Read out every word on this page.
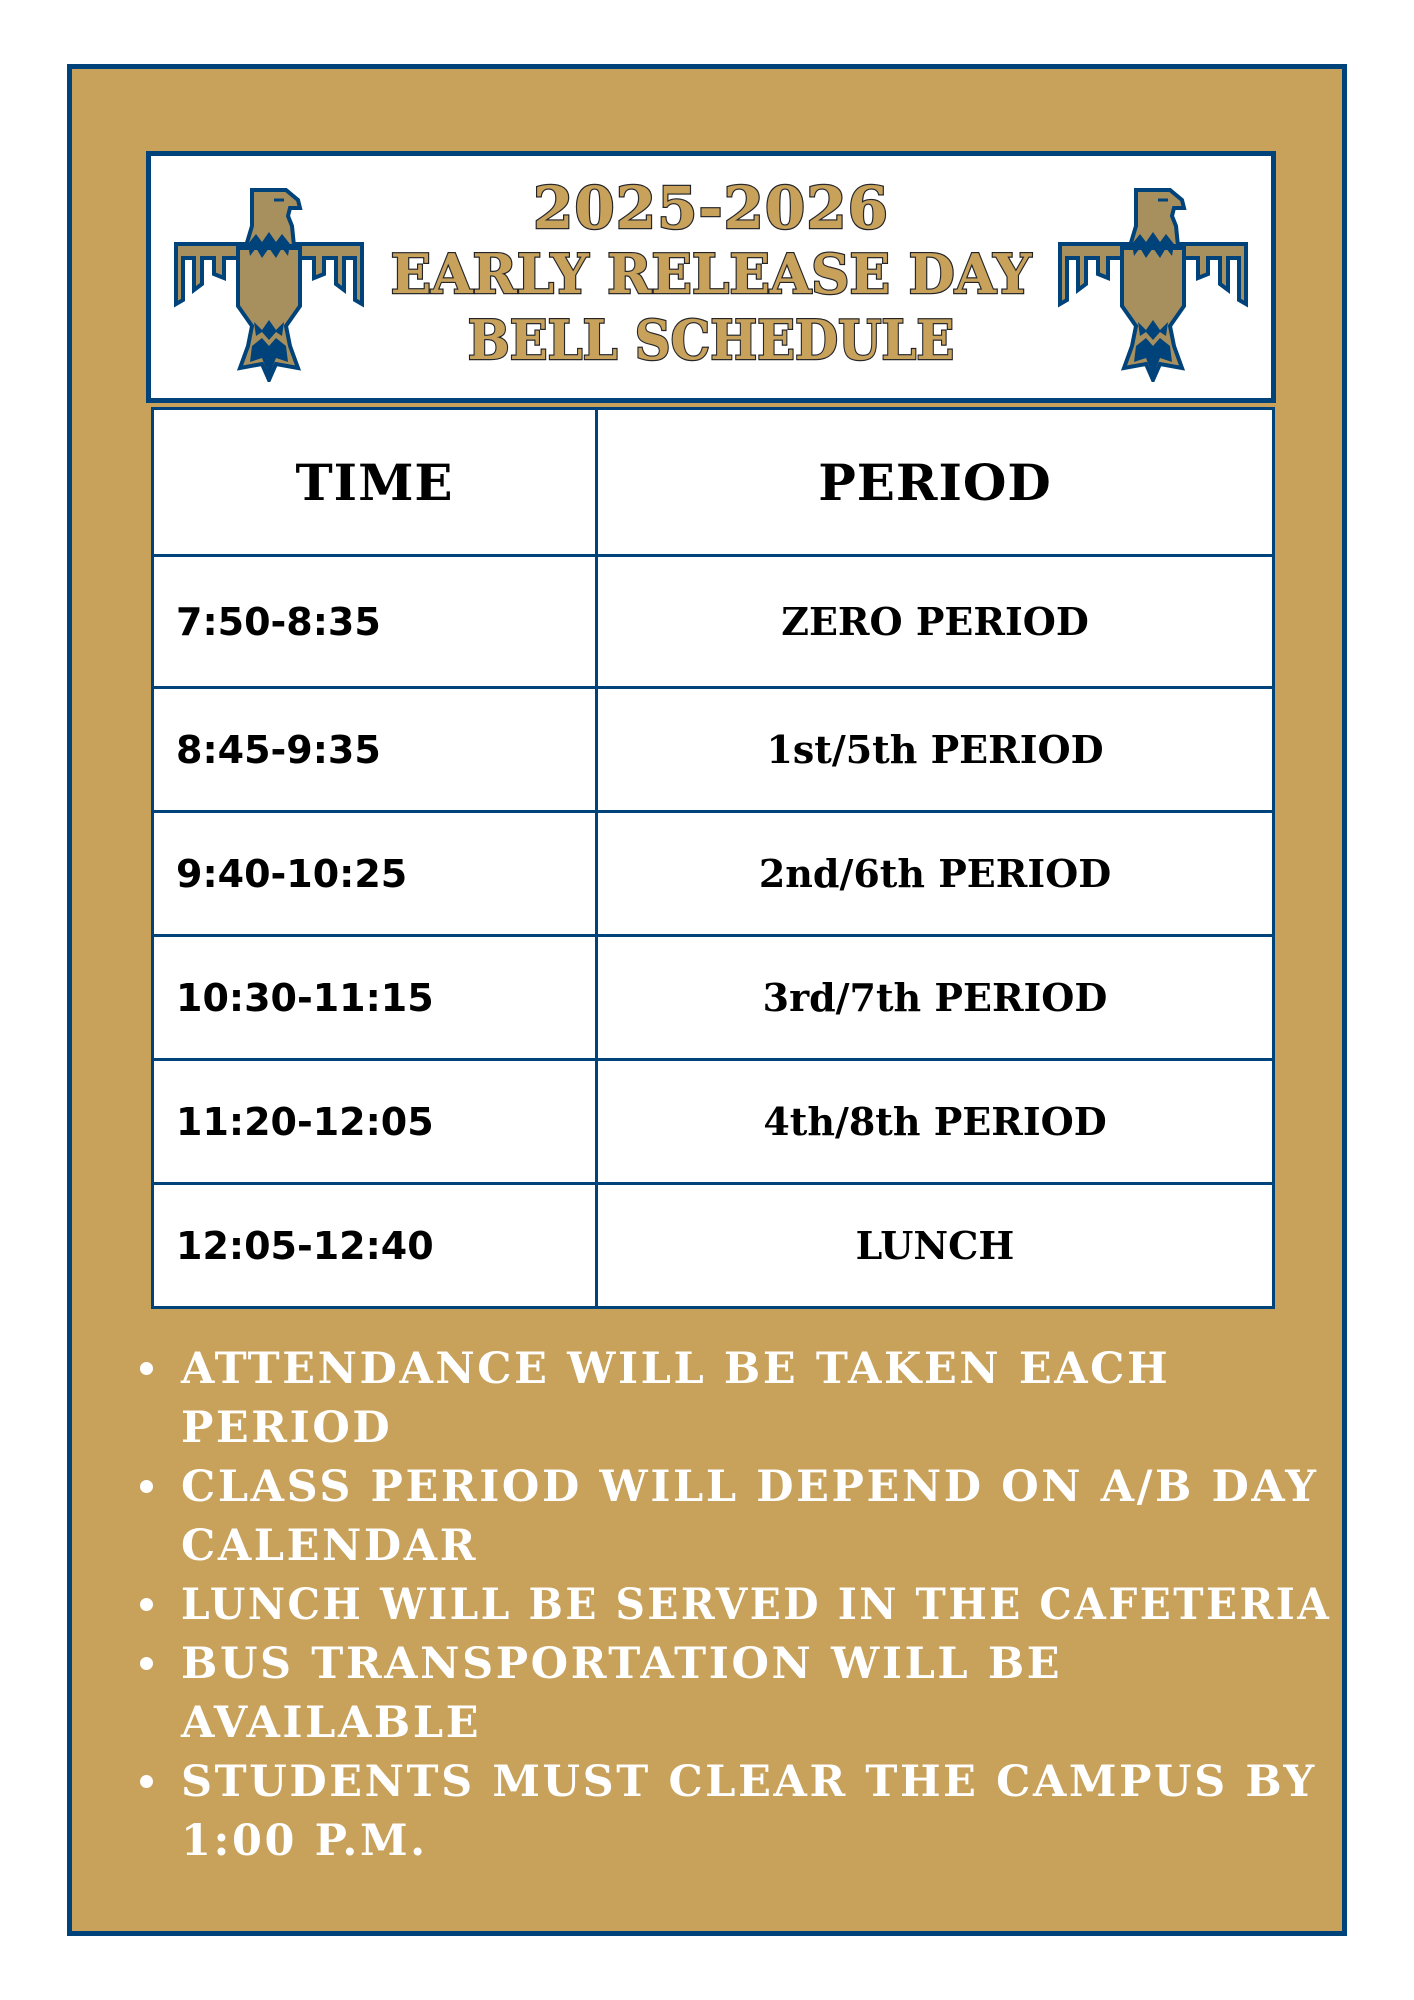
2025-2026
EARLY RELEASE DAY
BELL SCHEDULE
TIME	PERIOD
7:50-8:35	ZERO PERIOD
8:45-9:35	1st/5th PERIOD
9:40-10:25	2nd/6th PERIOD
10:30-11:15	3rd/7th PERIOD
11:20-12:05	4th/8th PERIOD
12:05-12:40	LUNCH
ATTENDANCE WILL BE TAKEN EACH
PERIOD
CLASS PERIOD WILL DEPEND ON A/B DAY
CALENDAR
LUNCH WILL BE SERVED IN THE CAFETERIA
BUS TRANSPORTATION WILL BE
AVAILABLE
STUDENTS MUST CLEAR THE CAMPUS BY
1:00 P.M.
